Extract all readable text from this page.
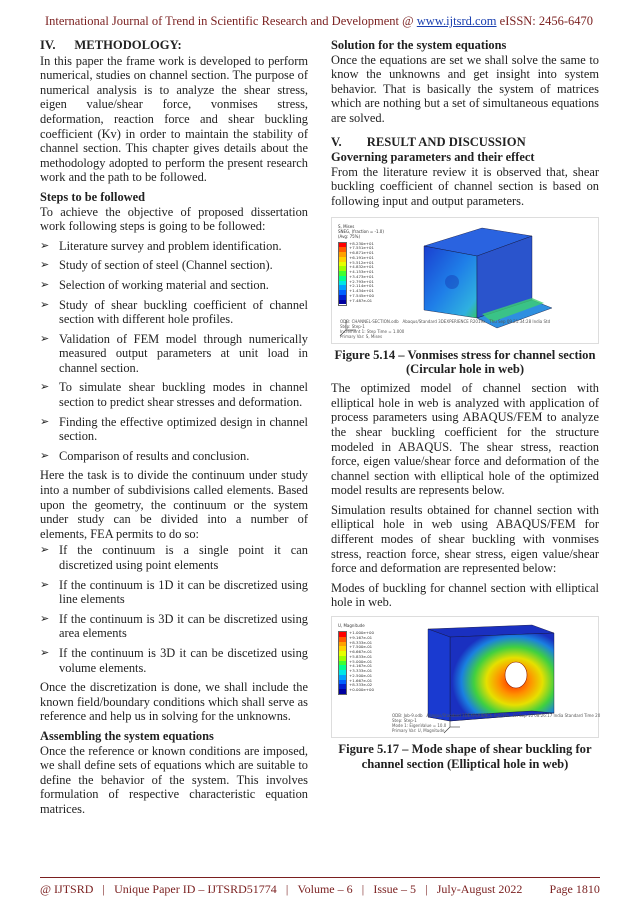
International Journal of Trend in Scientific Research and Development @ www.ijtsrd.com eISSN: 2456-6470
IV.      METHODOLOGY:

In this paper the frame work is developed to perform numerical, studies on channel section. The purpose of numerical analysis is to analyze the shear stress, eigen value/shear force, vonmises stress, deformation, reaction force and shear buckling coefficient (Kv) in order to maintain the stability of channel section. This chapter gives details about the methodology adopted to perform the present research work and the path to be followed.

Steps to be followed

To achieve the objective of proposed dissertation work following steps is going to be followed:

➢ Literature survey and problem identification.
➢ Study of section of steel (Channel section).
➢ Selection of working material and section.
➢ Study of shear buckling coefficient of channel section with different hole profiles.
➢ Validation of FEM model through numerically measured output parameters at unit load in channel section.
➢ To simulate shear buckling modes in channel section to predict shear stresses and deformation.
➢ Finding the effective optimized design in channel section.
➢ Comparison of results and conclusion.

Here the task is to divide the continuum under study into a number of subdivisions called elements. Based upon the geometry, the continuum or the system under study can be divided into a number of elements, FEA permits to do so:

➢ If the continuum is a single point it can discretized using point elements
➢ If the continuum is 1D it can be discretized using line elements
➢ If the continuum is 3D it can be discretized using area elements
➢ If the continuum is 3D it can be discetized using volume elements.

Once the discretization is done, we shall include the known field/boundary conditions which shall serve as reference and help us in solving for the unknowns.

Assembling the system equations

Once the reference or known conditions are imposed, we shall define sets of equations which are suitable to define the behavior of the system. This involves formulation of respective characteristic equation matrices.

Solution for the system equations

Once the equations are set we shall solve the same to know the unknowns and get insight into system behavior. That is basically the system of matrices which are nothing but a set of simultaneous equations are solved.

V.        RESULT AND DISCUSSION
Governing parameters and their effect

From the literature review it is observed that, shear buckling coefficient of channel section is based on following input and output parameters.

S, Mises
SNEG, (fraction = -1.0)
(Avg: 75%)
+8.230e+01
+7.551e+01
+6.871e+01
+6.191e+01
+5.512e+01
+4.832e+01
+4.153e+01
+3.473e+01
+2.793e+01
+2.114e+01
+1.434e+01
+7.545e+00
+7.487e-01
ODB: CHANNEL-SECTION.odb   Abaqus/Standard 3DEXPERIENCE R2019x   Thu Sep 09 21:34:28 India Std
Step: Step-1
Increment 1: Step Time = 1.000
Primary Var: S, Mises
Figure 5.14 – Vonmises stress for channel section
(Circular hole in web)

The optimized model of channel section with elliptical hole in web is analyzed with application of process parameters using ABAQUS/FEM to analyze the shear buckling coefficient for the structure modeled in ABAQUS. The shear stress, reaction force, eigen value/shear force and deformation of the channel section with elliptical hole of the optimized model results are represents below.

Simulation results obtained for channel section with elliptical hole in web using ABAQUS/FEM for different modes of shear buckling with vonmises stress, reaction force, shear stress, eigen value/shear force and deformation are represented below:

Modes of buckling for channel section with elliptical hole in web.

U, Magnitude
+1.000e+00
+9.167e-01
+8.333e-01
+7.500e-01
+6.667e-01
+5.833e-01
+5.000e-01
+4.167e-01
+3.333e-01
+2.500e-01
+1.667e-01
+8.333e-02
+0.000e+00
ODB: Job-9.odb   Abaqus/Standard 3DEXPERIENCE R2019x   Fri Sep 10 08:26:17 India Standard Time 20
Step: Step-1
Mode 1: EigenValue = 10.0
Primary Var: U, Magnitude
Figure 5.17 – Mode shape of shear buckling for
channel section (Elliptical hole in web)
@ IJTSRD | Unique Paper ID – IJTSRD51774 | Volume – 6 | Issue – 5 | July-August 2022 Page 1810
